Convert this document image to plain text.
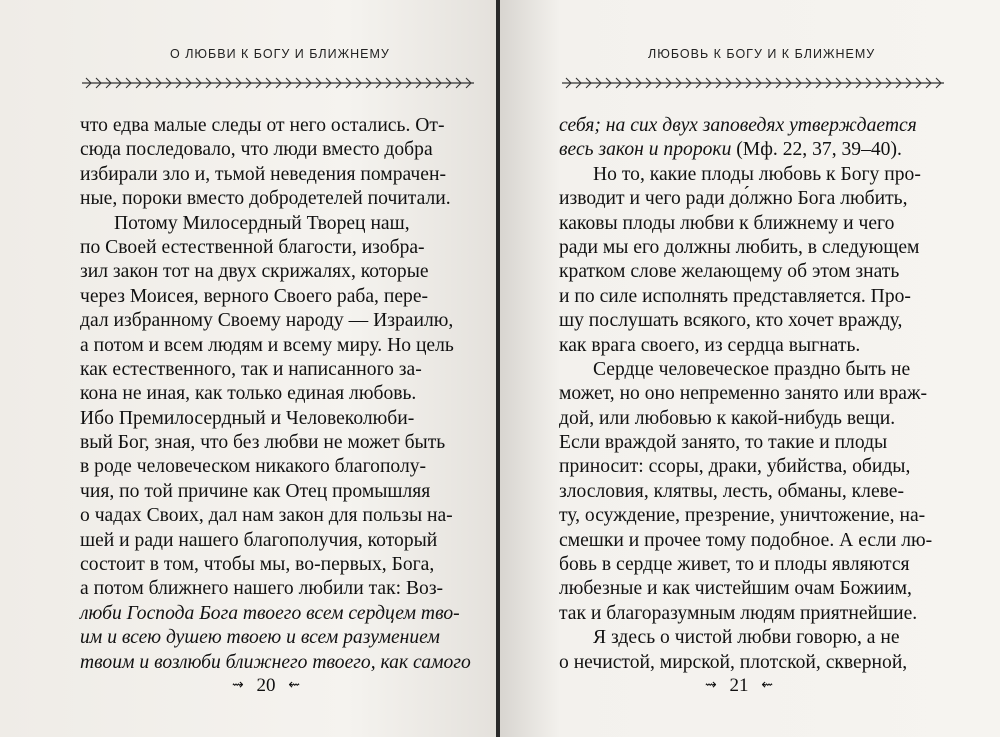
О ЛЮБВИ К БОГУ И БЛИЖНЕМУ
что едва малые следы от него остались. От-
сюда последовало, что люди вместо добра
избирали зло и, тьмой неведения помрачен-
ные, пороки вместо добродетелей почитали.
Потому Милосердный Творец наш,
по Своей естественной благости, изобра-
зил закон тот на двух скрижалях, которые
через Моисея, верного Своего раба, пере-
дал избранному Своему народу — Израилю,
а потом и всем людям и всему миру. Но цель
как естественного, так и написанного за-
кона не иная, как только единая любовь.
Ибо Премилосердный и Человеколюби-
вый Бог, зная, что без любви не может быть
в роде человеческом никакого благополу-
чия, по той причине как Отец промышляя
о чадах Своих, дал нам закон для пользы на-
шей и ради нашего благополучия, который
состоит в том, чтобы мы, во-первых, Бога,
а потом ближнего нашего любили так: Воз-
люби Господа Бога твоего всем сердцем тво-
им и всею душею твоею и всем разумением
твоим и возлюби ближнего твоего, как самого
⇝ 20 ⇜
ЛЮБОВЬ К БОГУ И К БЛИЖНЕМУ
себя; на сих двух заповедях утверждается
весь закон и пророки (Мф. 22, 37, 39–40).
Но то, какие плоды любовь к Богу про-
изводит и чего ради до́лжно Бога любить,
каковы плоды любви к ближнему и чего
ради мы его должны любить, в следующем
кратком слове желающему об этом знать
и по силе исполнять представляется. Про-
шу послушать всякого, кто хочет вражду,
как врага своего, из сердца выгнать.
Сердце человеческое праздно быть не
может, но оно непременно занято или враж-
дой, или любовью к какой-нибудь вещи.
Если враждой занято, то такие и плоды
приносит: ссоры, драки, убийства, обиды,
злословия, клятвы, лесть, обманы, клеве-
ту, осуждение, презрение, уничтожение, на-
смешки и прочее тому подобное. А если лю-
бовь в сердце живет, то и плоды являются
любезные и как чистейшим очам Божиим,
так и благоразумным людям приятнейшие.
Я здесь о чистой любви говорю, а не
о нечистой, мирской, плотской, скверной,
⇝ 21 ⇜
